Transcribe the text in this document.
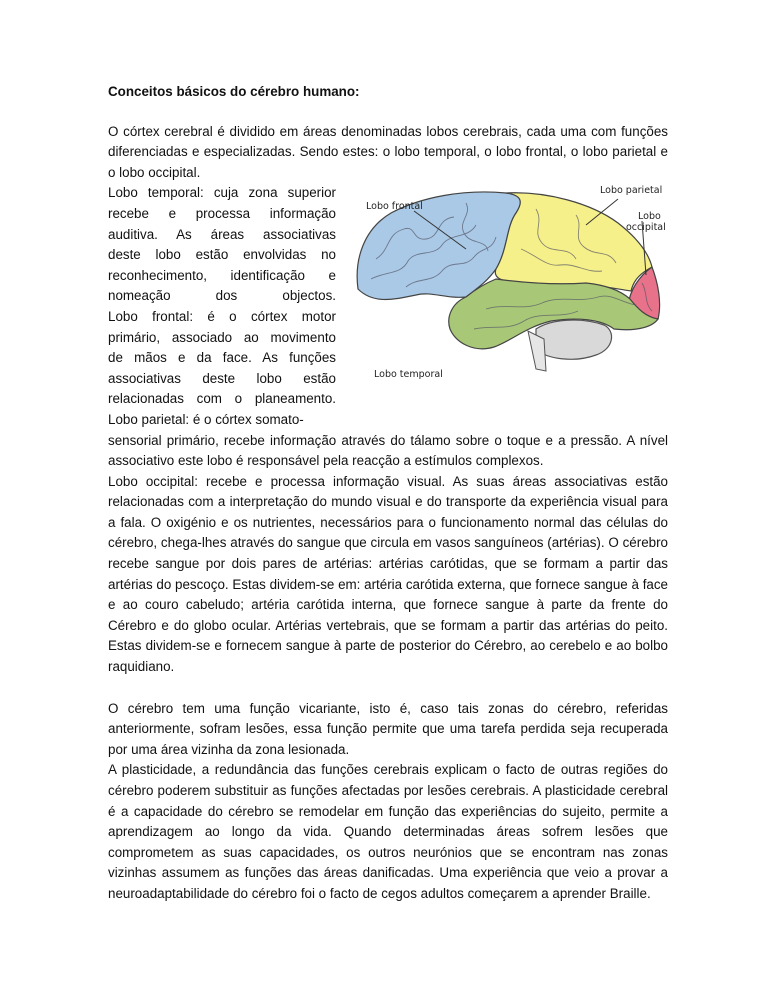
Conceitos básicos do cérebro humano:

O córtex cerebral é dividido em áreas denominadas lobos cerebrais, cada uma com funções diferenciadas e especializadas. Sendo estes: o lobo temporal, o lobo frontal, o lobo parietal e o lobo occipital.

Lobo frontal
Lobo parietal
Lobo
occipital
Lobo temporal
Lobo temporal: cuja zona superior
recebe e processa informação
auditiva. As áreas associativas
deste lobo estão envolvidas no
reconhecimento, identificação e
nomeação dos objectos.
Lobo frontal: é o córtex motor
primário, associado ao movimento
de mãos e da face. As funções
associativas deste lobo estão
relacionadas com o planeamento.
Lobo parietal: é o córtex somato-

sensorial primário, recebe informação através do tálamo sobre o toque e a pressão. A nível associativo este lobo é responsável pela reacção a estímulos complexos.

Lobo occipital: recebe e processa informação visual. As suas áreas associativas estão relacionadas com a interpretação do mundo visual e do transporte da experiência visual para a fala. O oxigénio e os nutrientes, necessários para o funcionamento normal das células do cérebro, chega-lhes através do sangue que circula em vasos sanguíneos (artérias). O cérebro recebe sangue por dois pares de artérias: artérias carótidas, que se formam a partir das artérias do pescoço. Estas dividem-se em: artéria carótida externa, que fornece sangue à face e ao couro cabeludo; artéria carótida interna, que fornece sangue à parte da frente do Cérebro e do globo ocular. Artérias vertebrais, que se formam a partir das artérias do peito. Estas dividem-se e fornecem sangue à parte de posterior do Cérebro, ao cerebelo e ao bolbo raquidiano.

O cérebro tem uma função vicariante, isto é, caso tais zonas do cérebro, referidas anteriormente, sofram lesões, essa função permite que uma tarefa perdida seja recuperada por uma área vizinha da zona lesionada.

A plasticidade, a redundância das funções cerebrais explicam o facto de outras regiões do cérebro poderem substituir as funções afectadas por lesões cerebrais. A plasticidade cerebral é a capacidade do cérebro se remodelar em função das experiências do sujeito, permite a aprendizagem ao longo da vida. Quando determinadas áreas sofrem lesões que comprometem as suas capacidades, os outros neurónios que se encontram nas zonas vizinhas assumem as funções das áreas danificadas. Uma experiência que veio a provar a neuroadaptabilidade do cérebro foi o facto de cegos adultos começarem a aprender Braille.
